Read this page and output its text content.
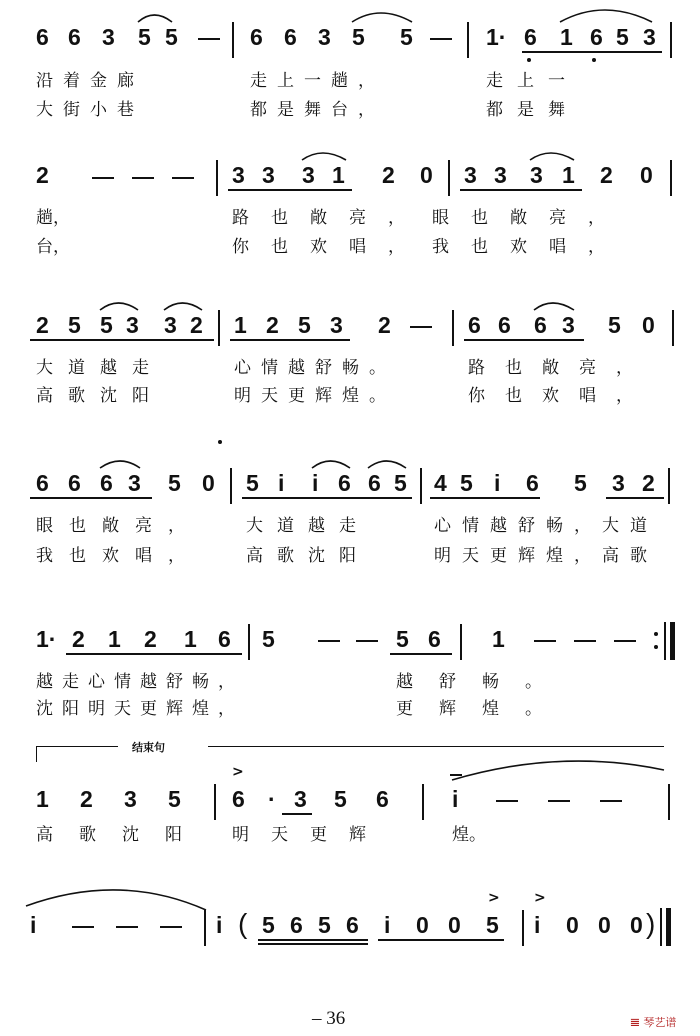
6 6 3 5 5	6 6 3 5 5	1· 6 1 6 5 3
沿着金廊	走上一趟，	走上一
大街小巷	都是舞台，	都是舞
2	3 3 3 1 2 0 3 3 3 1 2 0
趟，	路也敞亮， 眼也敞亮，
台，	你也欢唱， 我也欢唱，
2 5 5 3 3 2 1 2 5 3 2	6 6 6 3 5 0
大道越走	心情越舒畅。	路也敞亮，
高歌沈阳	明天更辉煌。	你也欢唱，
6 6 6 3 5 0 5 i i 6 6 5 4 5 i 6 5 3 2
眼也敞亮，	大道越走	心情越舒畅，大道
我也欢唱，	高歌沈阳	明天更辉煌，高歌
1· 2 1 2 1 6 5	5 6 1
越走心情越舒畅，	越舒畅。
沈阳明天更辉煌，	更辉煌。
结束句
1 2 3 5
>
6 · 3 5 6	i
高歌沈阳 明天更辉	煌。
i	i ( 5 6 5 6 i 0 0
>
5
>
i 0 0 0 )
– 36	𝌆 琴艺谱
